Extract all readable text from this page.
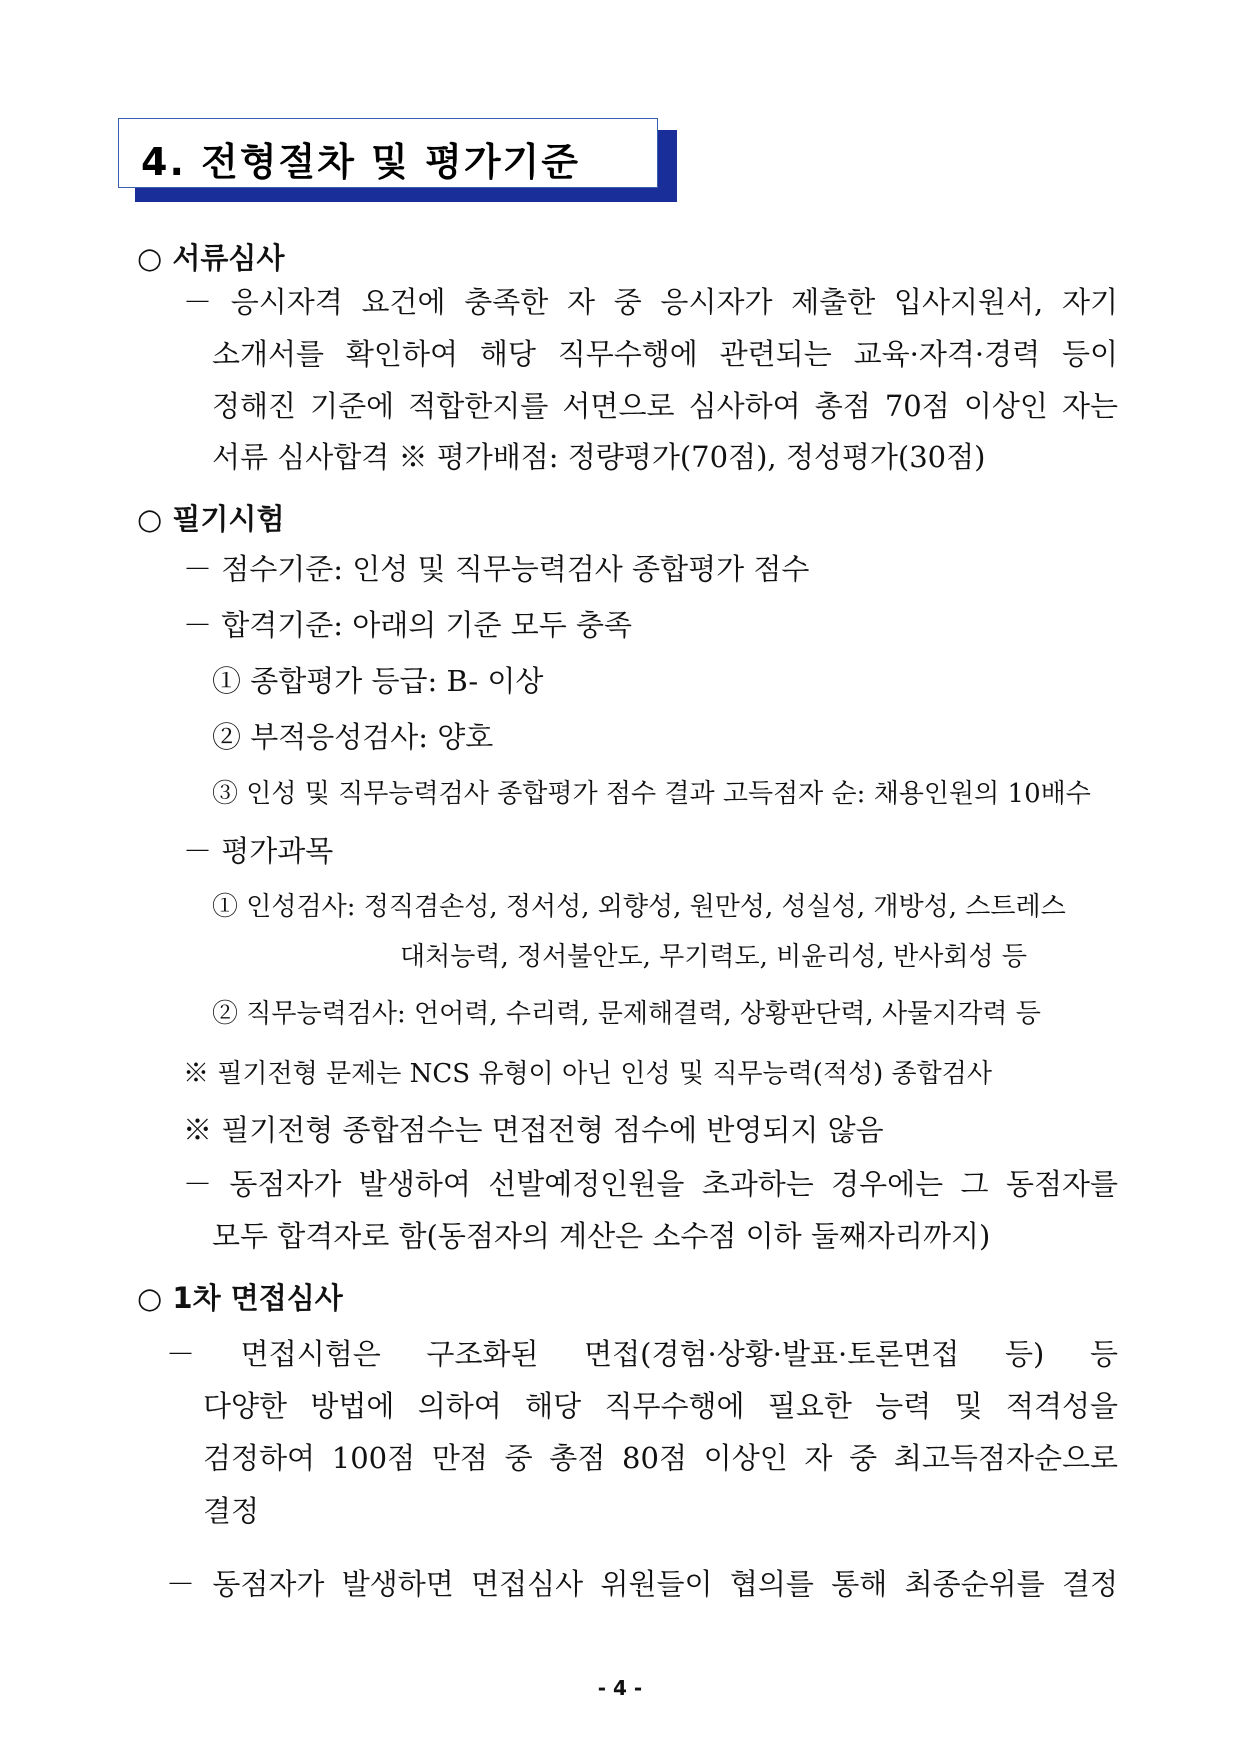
4. 전형절차 및 평가기준
○ 서류심사
－ 응시자격 요건에 충족한 자 중 응시자가 제출한 입사지원서, 자기
소개서를 확인하여 해당 직무수행에 관련되는 교육·자격·경력 등이
정해진 기준에 적합한지를 서면으로 심사하여 총점 70점 이상인 자는
서류 심사합격 ※ 평가배점: 정량평가(70점), 정성평가(30점)
○ 필기시험
－ 점수기준: 인성 및 직무능력검사 종합평가 점수
－ 합격기준: 아래의 기준 모두 충족
① 종합평가 등급: B- 이상
② 부적응성검사: 양호
③ 인성 및 직무능력검사 종합평가 점수 결과 고득점자 순: 채용인원의 10배수
－ 평가과목
① 인성검사: 정직겸손성, 정서성, 외향성, 원만성, 성실성, 개방성, 스트레스
대처능력, 정서불안도, 무기력도, 비윤리성, 반사회성 등
② 직무능력검사: 언어력, 수리력, 문제해결력, 상황판단력, 사물지각력 등
※ 필기전형 문제는 NCS 유형이 아닌 인성 및 직무능력(적성) 종합검사
※ 필기전형 종합점수는 면접전형 점수에 반영되지 않음
－ 동점자가 발생하여 선발예정인원을 초과하는 경우에는 그 동점자를
모두 합격자로 함(동점자의 계산은 소수점 이하 둘째자리까지)
○ 1차 면접심사
－ 면접시험은 구조화된 면접(경험·상황·발표·토론면접 등) 등
다양한 방법에 의하여 해당 직무수행에 필요한 능력 및 적격성을
검정하여 100점 만점 중 총점 80점 이상인 자 중 최고득점자순으로
결정
－ 동점자가 발생하면 면접심사 위원들이 협의를 통해 최종순위를 결정
- 4 -
